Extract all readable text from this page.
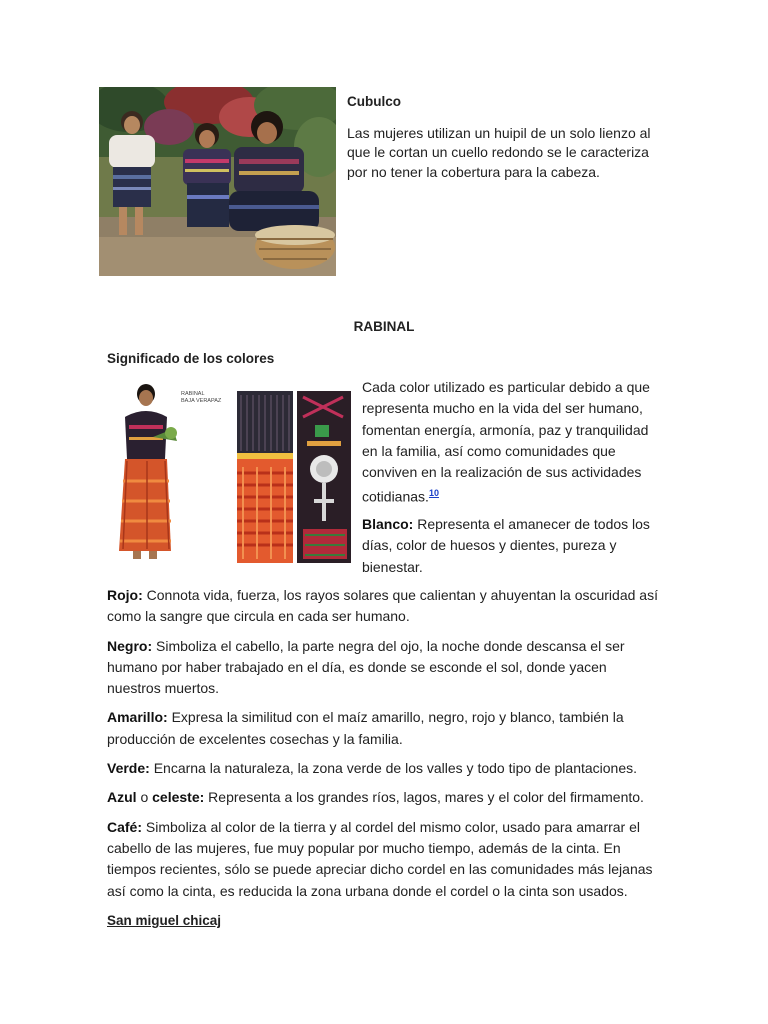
Cubulco

Las mujeres utilizan un huipil de un solo lienzo al que le cortan un cuello redondo se le caracteriza por no tener la cobertura para la cabeza.

RABINAL
Significado de los colores
RABINAL
BAJA VERAPAZ

Cada color utilizado es particular debido a que representa mucho en la vida del ser humano, fomentan energía, armonía, paz y tranquilidad en la familia, así como comunidades que conviven en la realización de sus actividades cotidianas.$^{10}$

Blanco: Representa el amanecer de todos los días, color de huesos y dientes, pureza y bienestar.

Rojo: Connota vida, fuerza, los rayos solares que calientan y ahuyentan la oscuridad así como la sangre que circula en cada ser humano.

Negro: Simboliza el cabello, la parte negra del ojo, la noche donde descansa el ser humano por haber trabajado en el día, es donde se esconde el sol, donde yacen nuestros muertos.

Amarillo: Expresa la similitud con el maíz amarillo, negro, rojo y blanco, también la producción de excelentes cosechas y la familia.

Verde: Encarna la naturaleza, la zona verde de los valles y todo tipo de plantaciones.

Azul o celeste: Representa a los grandes ríos, lagos, mares y el color del firmamento.

Café: Simboliza al color de la tierra y al cordel del mismo color, usado para amarrar el cabello de las mujeres, fue muy popular por mucho tiempo, además de la cinta. En tiempos recientes, sólo se puede apreciar dicho cordel en las comunidades más lejanas así como la cinta, es reducida la zona urbana donde el cordel o la cinta son usados.

San miguel chicaj
